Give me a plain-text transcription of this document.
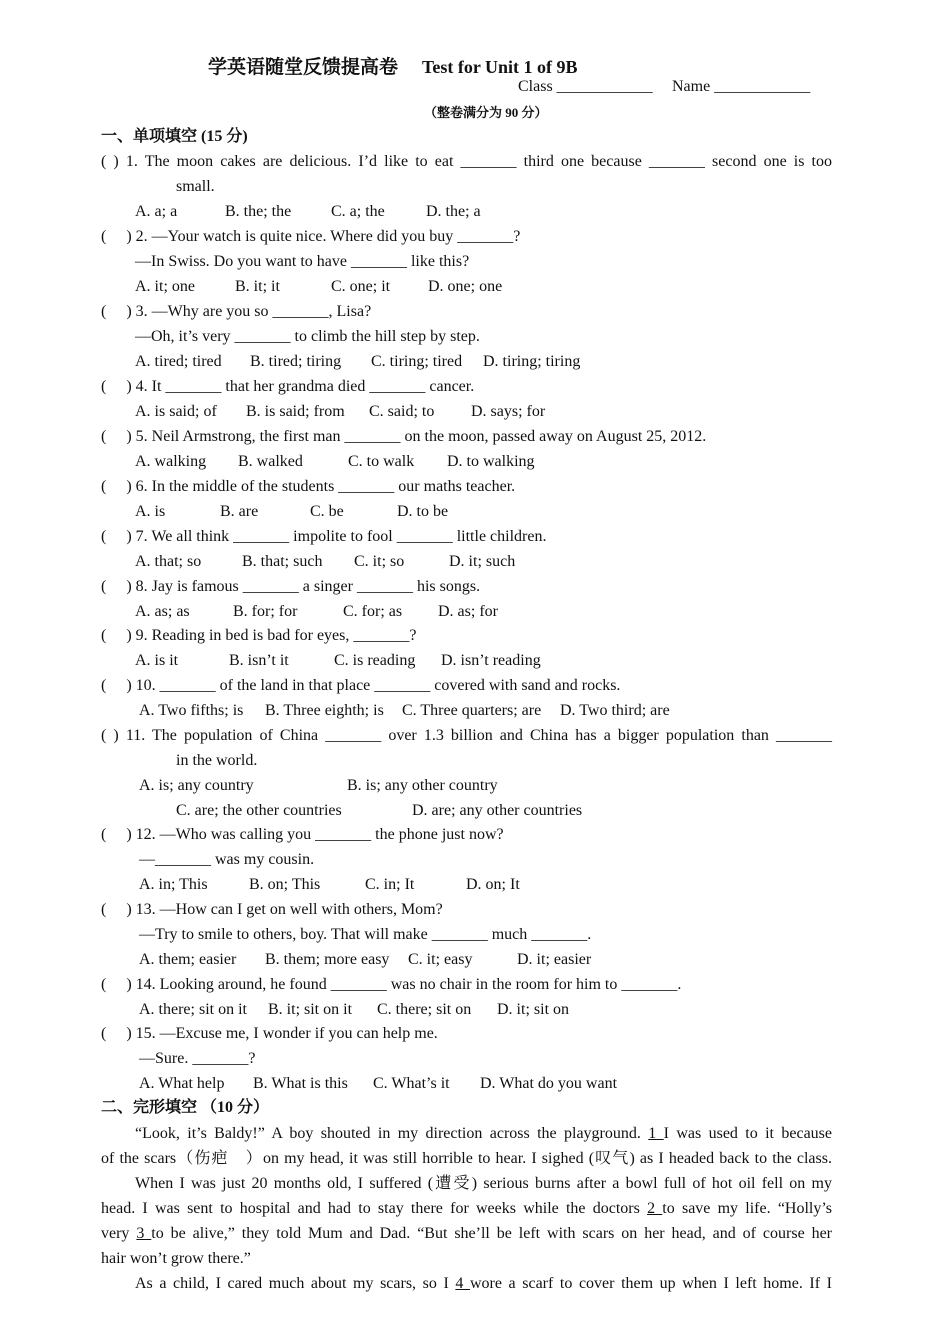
学英语随堂反馈提高卷 Test for Unit 1 of 9B
Class ____________ Name ____________
（整卷满分为 90 分）
一、单项填空 (15 分)
( ) 1. The moon cakes are delicious. I’d like to eat _______ third one because _______ second one is too
small.
A. a; a	B. the; the C. a; the	D. the; a
(     ) 2. —Your watch is quite nice. Where did you buy _______?
—In Swiss. Do you want to have _______ like this?
A. it; one	B. it; it	C. one; it D. one; one
(     ) 3. —Why are you so _______, Lisa?
—Oh, it’s very _______ to climb the hill step by step.
A. tired; tired B. tired; tiring C. tiring; tired D. tiring; tiring
(     ) 4. It _______ that her grandma died _______ cancer.
A. is said; of B. is said; from C. said; to D. says; for
(     ) 5. Neil Armstrong, the first man _______ on the moon, passed away on August 25, 2012.
A. walking B. walked	C. to walk D. to walking
(     ) 6. In the middle of the students _______ our maths teacher.
A. is	B. are	C. be	D. to be
(     ) 7. We all think _______ impolite to fool _______ little children.
A. that; so	B. that; such C. it; so	D. it; such
(     ) 8. Jay is famous _______ a singer _______ his songs.
A. as; as	B. for; for	C. for; as D. as; for
(     ) 9. Reading in bed is bad for eyes, _______?
A. is it	B. isn’t it	C. is reading D. isn’t reading
(     ) 10. _______ of the land in that place _______ covered with sand and rocks.
A. Two fifths; is B. Three eighth; is C. Three quarters; are D. Two third; are
( ) 11. The population of China _______ over 1.3 billion and China has a bigger population than _______
in the world.
A. is; any country	B. is; any other country
C. are; the other countries	D. are; any other countries
(     ) 12. —Who was calling you _______ the phone just now?
—_______ was my cousin.
A. in; This	B. on; This	C. in; It	D. on; It
(     ) 13. —How can I get on well with others, Mom?
—Try to smile to others, boy. That will make _______ much _______.
A. them; easier B. them; more easy C. it; easy	D. it; easier
(     ) 14. Looking around, he found _______ was no chair in the room for him to _______.
A. there; sit on it B. it; sit on it C. there; sit on D. it; sit on
(     ) 15. —Excuse me, I wonder if you can help me.
—Sure. _______?
A. What help B. What is this C. What’s it D. What do you want
二、完形填空 （10 分）
“Look, it’s Baldy!” A boy shouted in my direction across the playground. 1 I was used to it because
of the scars（伤疤　）on my head, it was still horrible to hear. I sighed (叹气) as I headed back to the class.
When I was just 20 months old, I suffered (遭受) serious burns after a bowl full of hot oil fell on my
head. I was sent to hospital and had to stay there for weeks while the doctors 2 to save my life. “Holly’s
very 3 to be alive,” they told Mum and Dad. “But she’ll be left with scars on her head, and of course her
hair won’t grow there.”
As a child, I cared much about my scars, so I 4 wore a scarf to cover them up when I left home. If I
